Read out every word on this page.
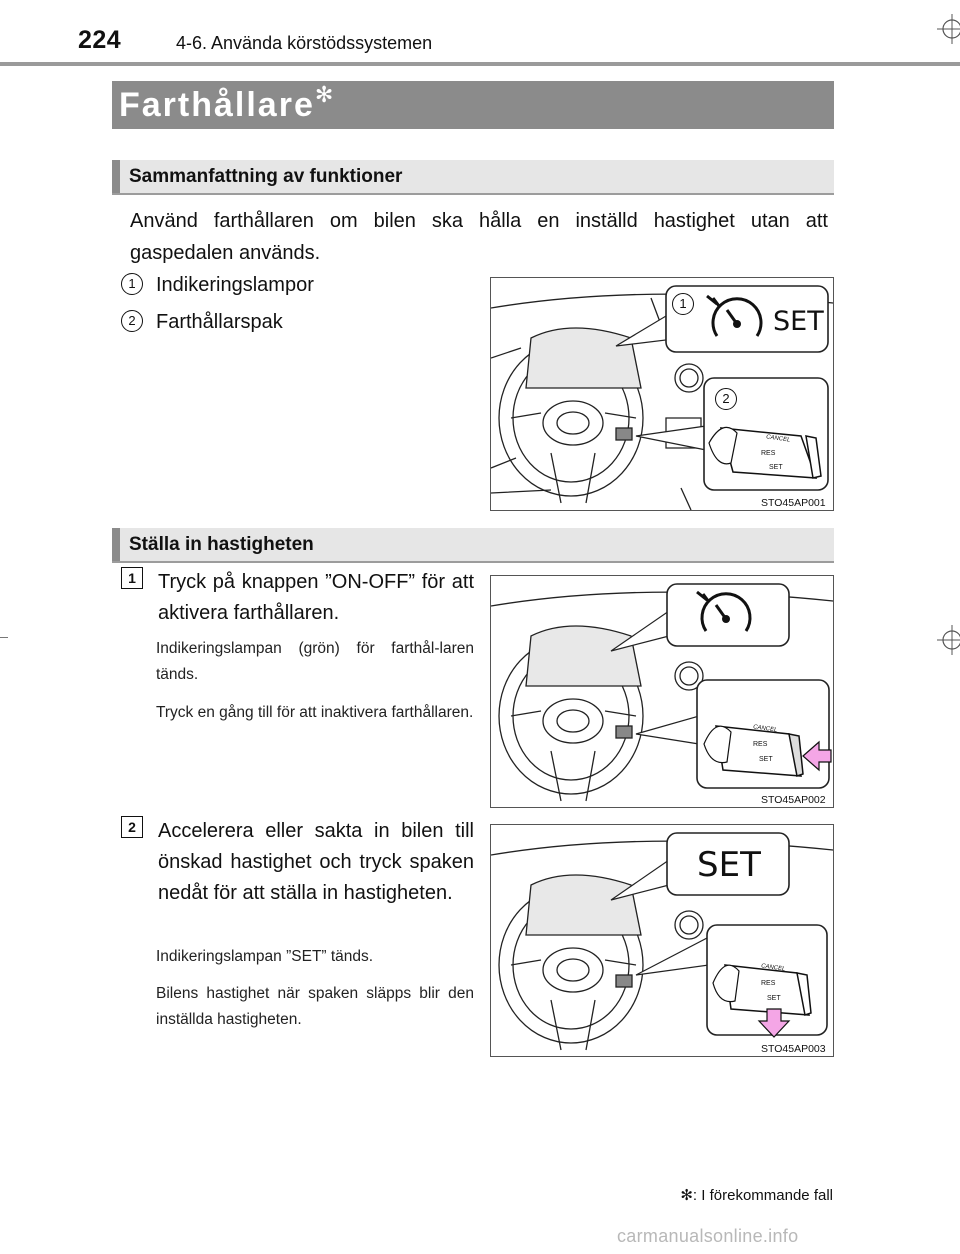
224	4-6. Använda körstödssystemen
Farthållare✻
Sammanfattning av funktioner
Använd farthållaren om bilen ska hålla en inställd hastighet utan att gaspedalen används.
1	Indikeringslampor
2	Farthållarspak
1
SET
2
CANCEL
RES
SET
STO45AP001
Ställa in hastigheten
1	Tryck på knappen ”ON-OFF” för att aktivera farthållaren.
Indikeringslampan (grön) för farthål-laren tänds.
Tryck en gång till för att inaktivera farthållaren.
CANCEL
RES
SET
STO45AP002
2	Accelerera eller sakta in bilen till önskad hastighet och tryck spaken nedåt för att ställa in hastigheten.
Indikeringslampan ”SET” tänds.
Bilens hastighet när spaken släpps blir den inställda hastigheten.
SET
CANCEL
RES
SET
STO45AP003
✻: I förekommande fall
carmanualsonline.info
